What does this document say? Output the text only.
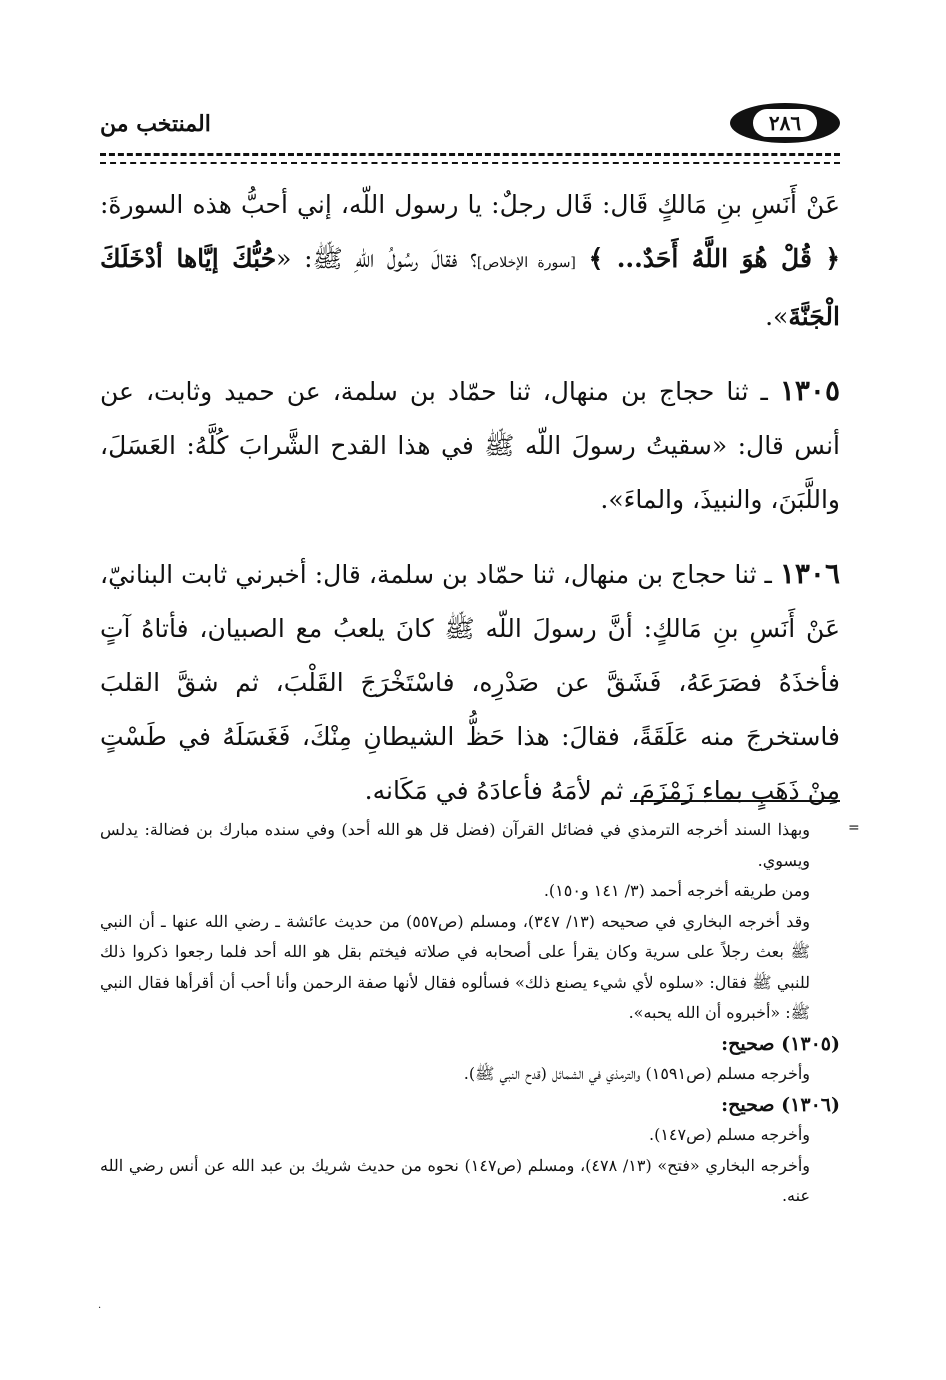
٢٨٦
المنتخب من

عَنْ أَنَسِ بنِ مَالكٍ قَال: قَال رجلٌ: يا رسول اللّه، إني أحبُّ هذه السورةَ: ﴿ قُلْ هُوَ اللَّهُ أَحَدٌ... ﴾ [سورة الإخلاص]؟ فقالَ رسُولُ اللّهِ ﷺ: «حُبُّكَ إيَّاها أدْخَلَكَ الْجَنَّةَ».

١٣٠٥ ـ ثنا حجاج بن منهال، ثنا حمّاد بن سلمة، عن حميد وثابت، عن أنس قال: «سقيتُ رسولَ اللّه ﷺ في هذا القدح الشَّرابَ كُلَّهُ: العَسَلَ، واللَّبَنَ، والنبيذَ، والماءَ».

١٣٠٦ ـ ثنا حجاج بن منهال، ثنا حمّاد بن سلمة، قال: أخبرني ثابت البنانيّ، عَنْ أَنَسِ بنِ مَالكٍ: أنَّ رسولَ اللّه ﷺ كانَ يلعبُ مع الصبيان، فأتاهُ آتٍ فأخذَهُ فصَرَعَهُ، فَشَقَّ عن صَدْرِه، فاسْتَخْرَجَ القَلْبَ، ثم شقَّ القلبَ فاستخرجَ منه عَلَقَةً، فقالَ: هذا حَظُّ الشيطانِ مِنْكَ، فَغَسَلَهُ في طَسْتٍ مِنْ ذَهَبٍ بماءِ زَمْزَمَ، ثم لأمَهُ فأعادَهُ في مَكَانه.

=

وبهذا السند أخرجه الترمذي في فضائل القرآن (فضل قل هو الله أحد) وفي سنده مبارك بن فضالة: يدلس ويسوي.

ومن طريقه أخرجه أحمد (٣/ ١٤١ و١٥٠).

وقد أخرجه البخاري في صحيحه (١٣/ ٣٤٧)، ومسلم (ص٥٥٧) من حديث عائشة ـ رضي الله عنها ـ أن النبي ﷺ بعث رجلاً على سرية وكان يقرأ على أصحابه في صلاته فيختم بقل هو الله أحد فلما رجعوا ذكروا ذلك للنبي ﷺ فقال: «سلوه لأي شيء يصنع ذلك» فسألوه فقال لأنها صفة الرحمن وأنا أحب أن أقرأها فقال النبي ﷺ: «أخبروه أن الله يحبه».

(١٣٠٥) صحيح:

وأخرجه مسلم (ص١٥٩١) والترمذي في الشمائل (قدح النبي ﷺ).

(١٣٠٦) صحيح:

وأخرجه مسلم (ص١٤٧).

وأخرجه البخاري «فتح» (١٣/ ٤٧٨)، ومسلم (ص١٤٧) نحوه من حديث شريك بن عبد الله عن أنس رضي الله عنه.

.
